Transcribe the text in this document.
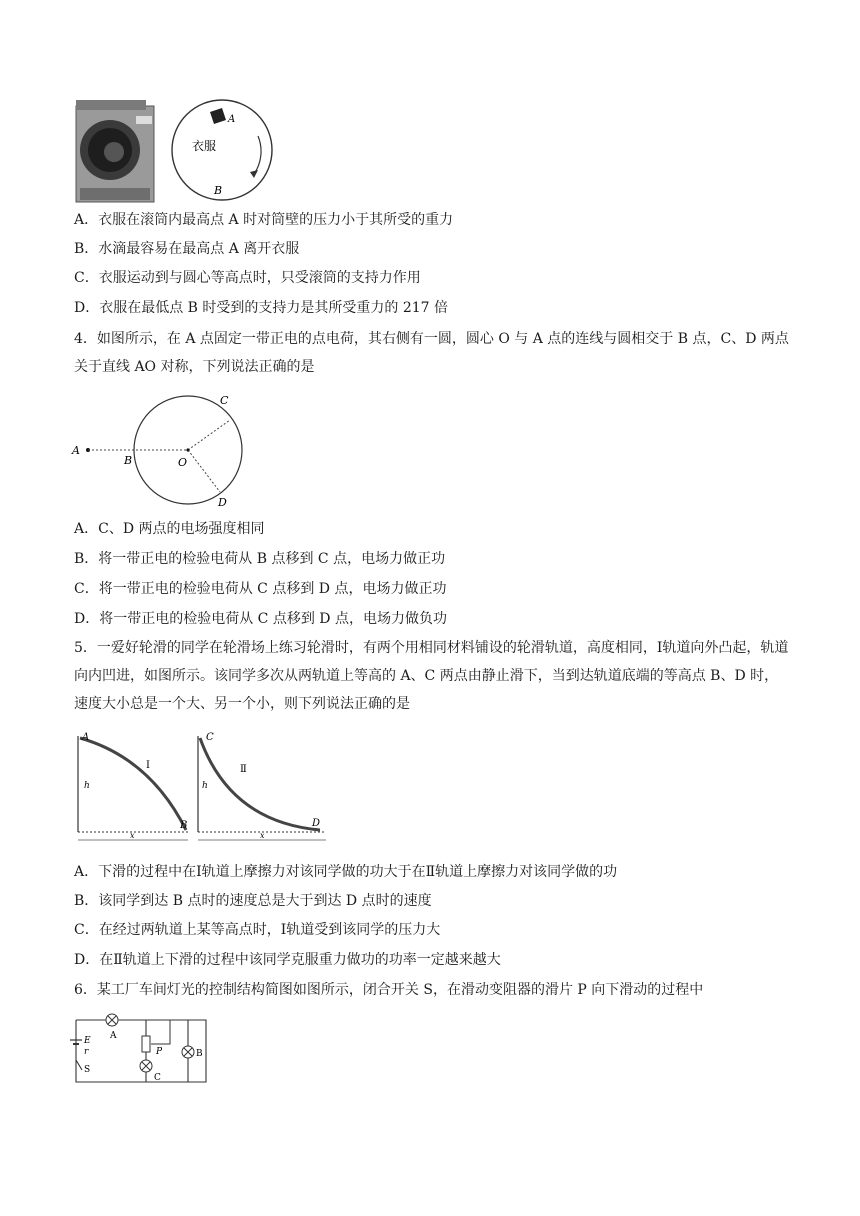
A
衣服
B
A．衣服在滚筒内最高点 A 时对筒壁的压力小于其所受的重力
B．水滴最容易在最高点 A 离开衣服
C．衣服运动到与圆心等高点时，只受滚筒的支持力作用
D．衣服在最低点 B 时受到的支持力是其所受重力的 217 倍
4．如图所示，在 A 点固定一带正电的点电荷，其右侧有一圆，圆心 O 与 A 点的连线与圆相交于 B 点，C、D 两点关于直线 AO 对称，下列说法正确的是
A
B	O
C
D
A．C、D 两点的电场强度相同
B．将一带正电的检验电荷从 B 点移到 C 点，电场力做正功
C．将一带正电的检验电荷从 C 点移到 D 点，电场力做正功
D．将一带正电的检验电荷从 C 点移到 D 点，电场力做负功
5．一爱好轮滑的同学在轮滑场上练习轮滑时，有两个用相同材料铺设的轮滑轨道，高度相同，Ⅰ轨道向外凸起，轨道向内凹进，如图所示。该同学多次从两轨道上等高的 A、C 两点由静止滑下，当到达轨道底端的等高点 B、D 时，速度大小总是一个大、另一个小，则下列说法正确的是
A
h
Ⅰ
B
x
C
h
Ⅱ
D
x
A．下滑的过程中在Ⅰ轨道上摩擦力对该同学做的功大于在Ⅱ轨道上摩擦力对该同学做的功
B．该同学到达 B 点时的速度总是大于到达 D 点时的速度
C．在经过两轨道上某等高点时，Ⅰ轨道受到该同学的压力大
D．在Ⅱ轨道上下滑的过程中该同学克服重力做功的功率一定越来越大
6．某工厂车间灯光的控制结构简图如图所示，闭合开关 S，在滑动变阻器的滑片 P 向下滑动的过程中
A
E
r
S
P
C
B
